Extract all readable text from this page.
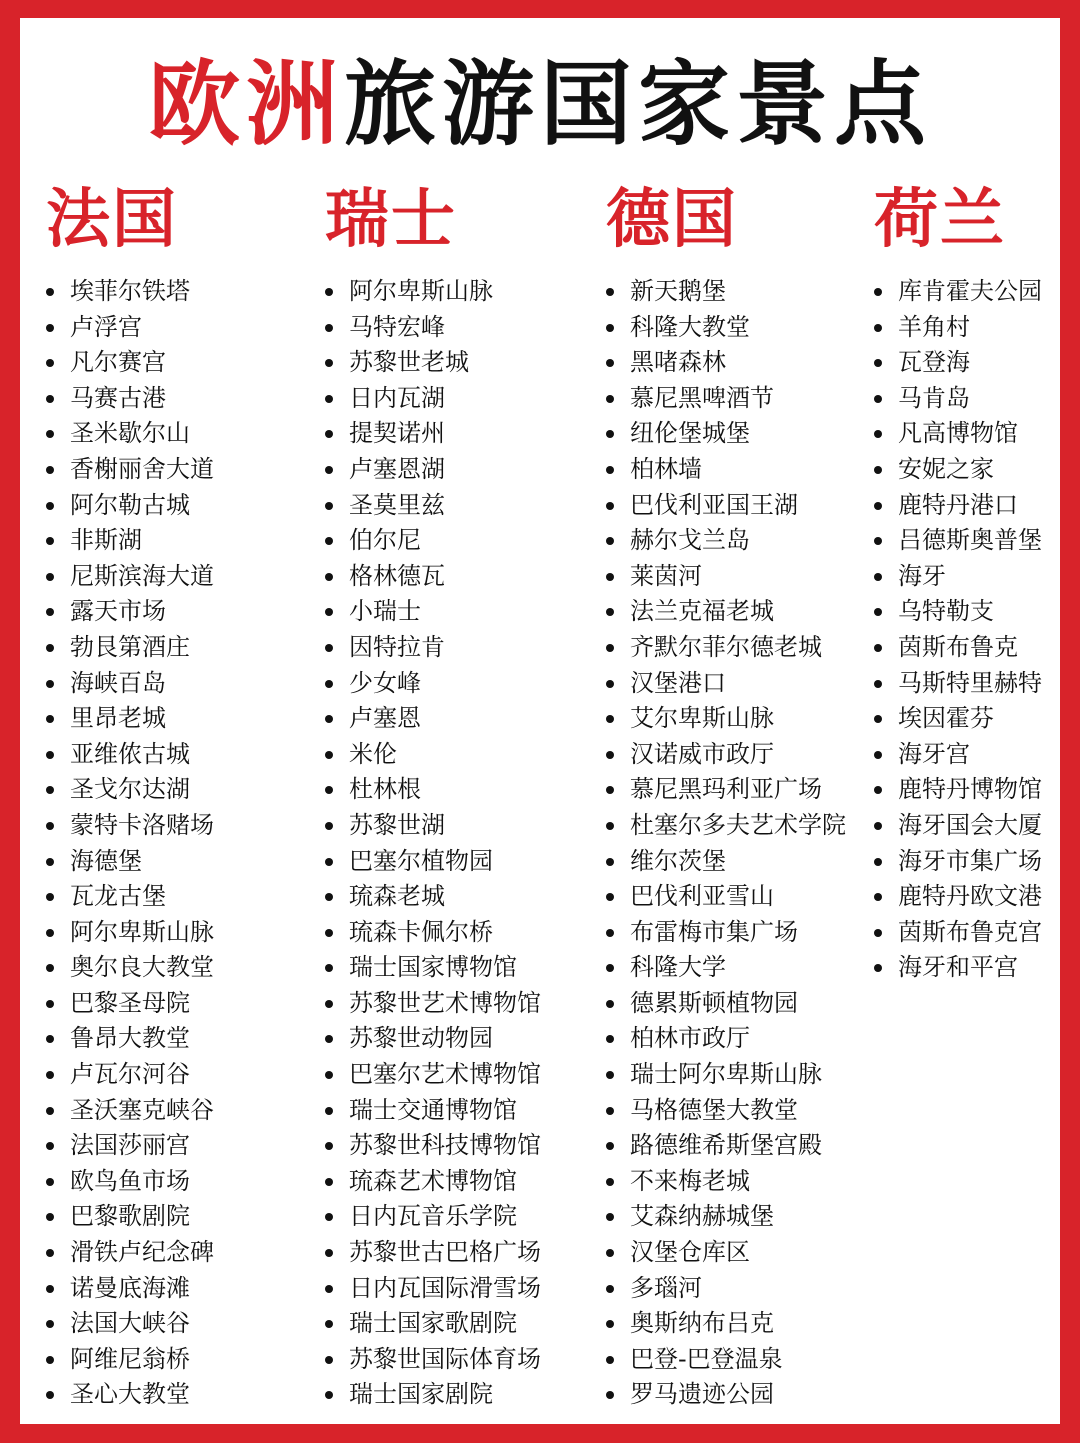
欧洲旅游国家景点
法国
埃菲尔铁塔
卢浮宫
凡尔赛宫
马赛古港
圣米歇尔山
香榭丽舍大道
阿尔勒古城
非斯湖
尼斯滨海大道
露天市场
勃艮第酒庄
海峡百岛
里昂老城
亚维侬古城
圣戈尔达湖
蒙特卡洛赌场
海德堡
瓦龙古堡
阿尔卑斯山脉
奥尔良大教堂
巴黎圣母院
鲁昂大教堂
卢瓦尔河谷
圣沃塞克峡谷
法国莎丽宫
欧鸟鱼市场
巴黎歌剧院
滑铁卢纪念碑
诺曼底海滩
法国大峡谷
阿维尼翁桥
圣心大教堂
瑞士
阿尔卑斯山脉
马特宏峰
苏黎世老城
日内瓦湖
提契诺州
卢塞恩湖
圣莫里兹
伯尔尼
格林德瓦
小瑞士
因特拉肯
少女峰
卢塞恩
米伦
杜林根
苏黎世湖
巴塞尔植物园
琉森老城
琉森卡佩尔桥
瑞士国家博物馆
苏黎世艺术博物馆
苏黎世动物园
巴塞尔艺术博物馆
瑞士交通博物馆
苏黎世科技博物馆
琉森艺术博物馆
日内瓦音乐学院
苏黎世古巴格广场
日内瓦国际滑雪场
瑞士国家歌剧院
苏黎世国际体育场
瑞士国家剧院
德国
新天鹅堡
科隆大教堂
黑啫森林
慕尼黑啤酒节
纽伦堡城堡
柏林墙
巴伐利亚国王湖
赫尔戈兰岛
莱茵河
法兰克福老城
齐默尔菲尔德老城
汉堡港口
艾尔卑斯山脉
汉诺威市政厅
慕尼黑玛利亚广场
杜塞尔多夫艺术学院
维尔茨堡
巴伐利亚雪山
布雷梅市集广场
科隆大学
德累斯顿植物园
柏林市政厅
瑞士阿尔卑斯山脉
马格德堡大教堂
路德维希斯堡宫殿
不来梅老城
艾森纳赫城堡
汉堡仓库区
多瑙河
奥斯纳布吕克
巴登-巴登温泉
罗马遗迹公园
荷兰
库肯霍夫公园
羊角村
瓦登海
马肯岛
凡高博物馆
安妮之家
鹿特丹港口
吕德斯奥普堡
海牙
乌特勒支
茵斯布鲁克
马斯特里赫特
埃因霍芬
海牙宫
鹿特丹博物馆
海牙国会大厦
海牙市集广场
鹿特丹欧文港
茵斯布鲁克宫
海牙和平宫
